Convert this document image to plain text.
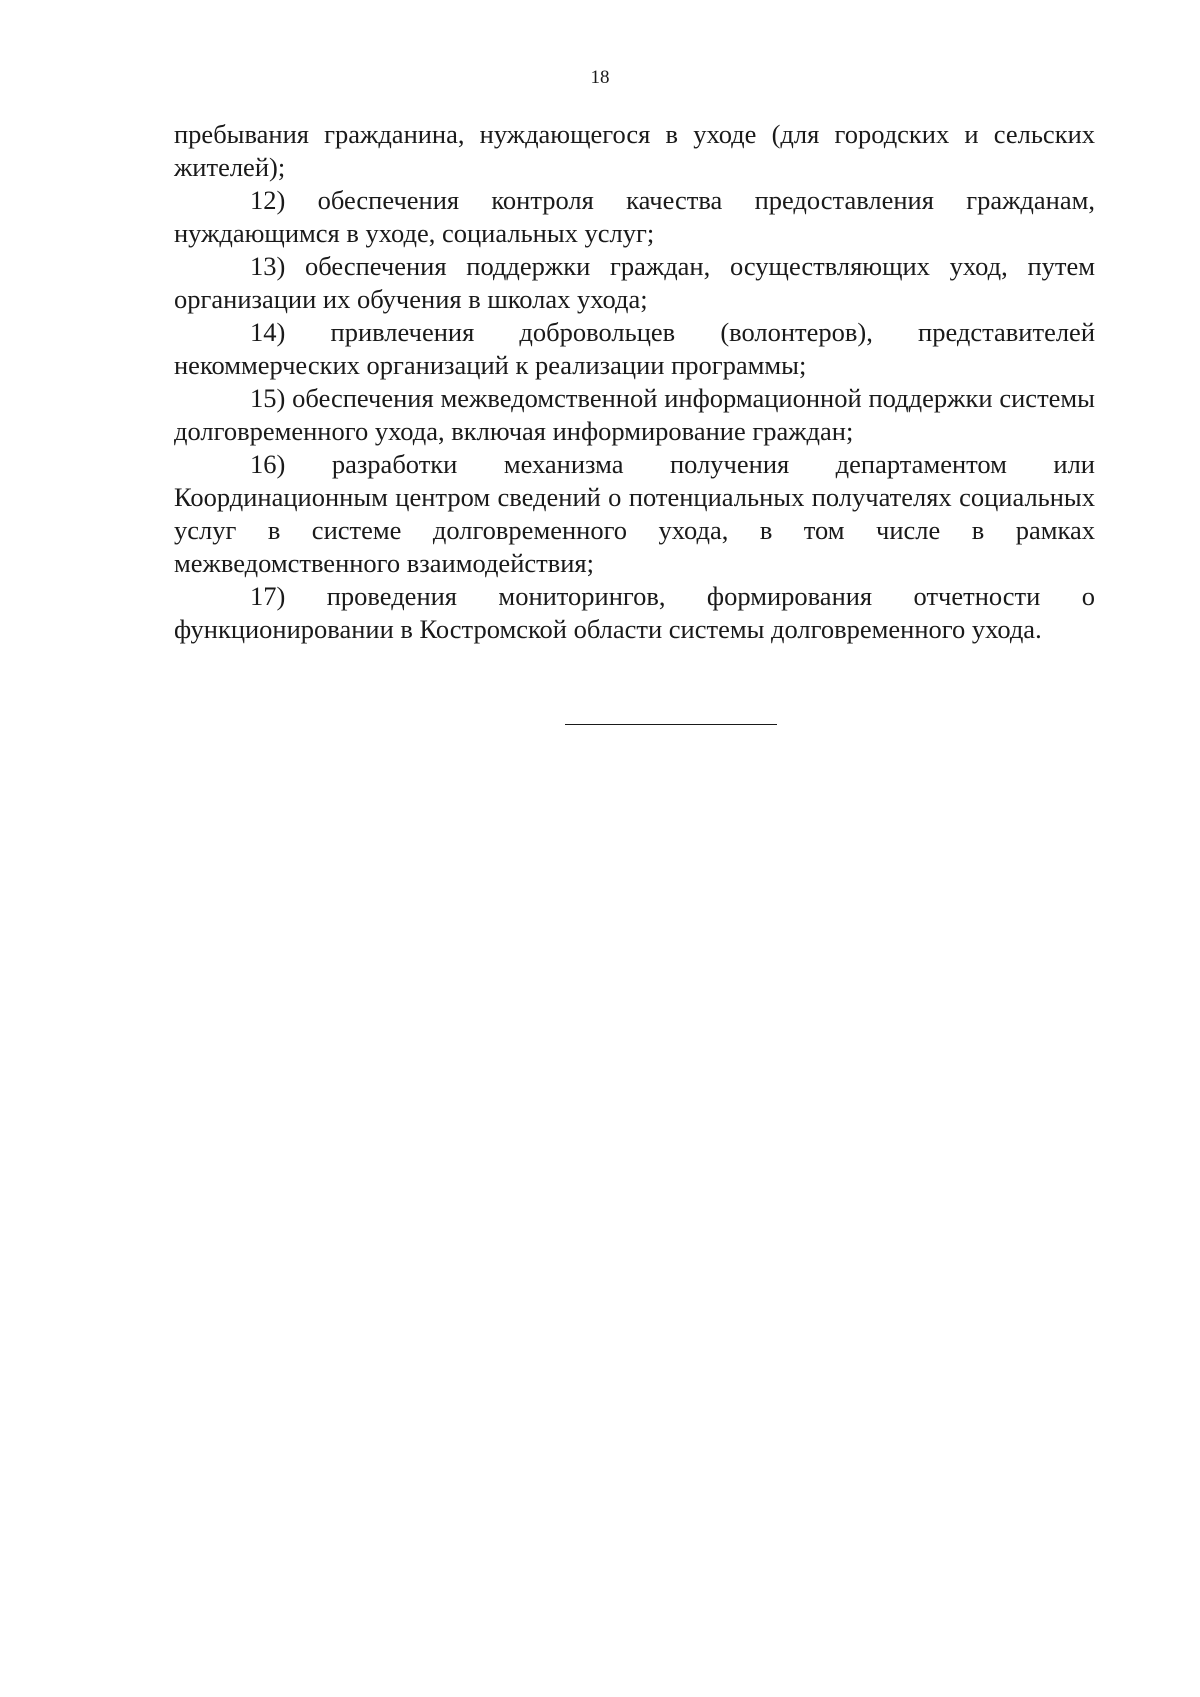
18

пребывания гражданина, нуждающегося в уходе (для городских и сельских жителей);

12) обеспечения контроля качества предоставления гражданам, нуждающимся в уходе, социальных услуг;

13) обеспечения поддержки граждан, осуществляющих уход, путем организации их обучения в школах ухода;

14) привлечения добровольцев (волонтеров), представителей некоммерческих организаций к реализации программы;

15) обеспечения межведомственной информационной поддержки системы долговременного ухода, включая информирование граждан;

16) разработки механизма получения департаментом или Координационным центром сведений о потенциальных получателях социальных услуг в системе долговременного ухода, в том числе в рамках межведомственного взаимодействия;

17) проведения мониторингов, формирования отчетности о функционировании в Костромской области системы долговременного ухода.
